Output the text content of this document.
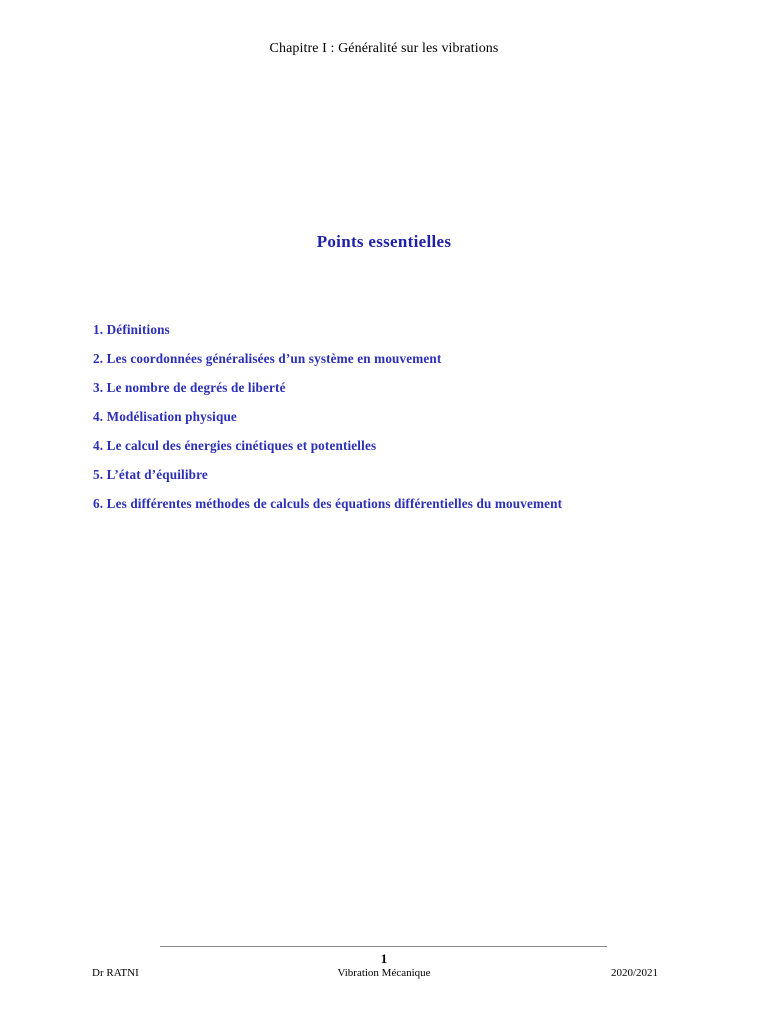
Chapitre I : Généralité sur les vibrations
Points essentielles
1. Définitions
2. Les coordonnées généralisées d’un système en mouvement
3. Le nombre de degrés de liberté
4. Modélisation physique
4. Le calcul des énergies cinétiques et potentielles
5. L’état d’équilibre
6. Les différentes méthodes de calculs des équations différentielles du mouvement
1
Dr RATNI	Vibration Mécanique	2020/2021
